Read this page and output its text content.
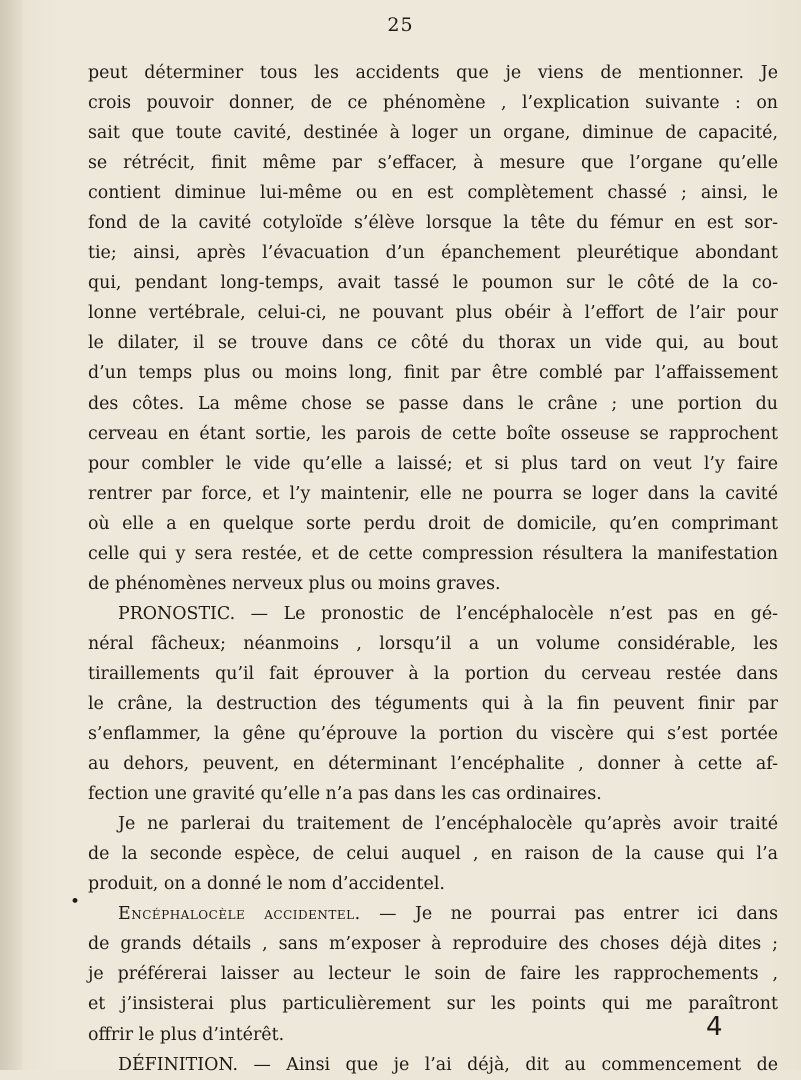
25
•
peut déterminer tous les accidents que je viens de mentionner. Je
crois pouvoir donner, de ce phénomène , l’explication suivante : on
sait que toute cavité, destinée à loger un organe, diminue de capacité,
se rétrécit, finit même par s’effacer, à mesure que l’organe qu’elle
contient diminue lui-même ou en est complètement chassé ; ainsi, le
fond de la cavité cotyloïde s’élève lorsque la tête du fémur en est sor-
tie; ainsi, après l’évacuation d’un épanchement pleurétique abondant
qui, pendant long-temps, avait tassé le poumon sur le côté de la co-
lonne vertébrale, celui-ci, ne pouvant plus obéir à l’effort de l’air pour
le dilater, il se trouve dans ce côté du thorax un vide qui, au bout
d’un temps plus ou moins long, finit par être comblé par l’affaissement
des côtes. La même chose se passe dans le crâne ; une portion du
cerveau en étant sortie, les parois de cette boîte osseuse se rapprochent
pour combler le vide qu’elle a laissé; et si plus tard on veut l’y faire
rentrer par force, et l’y maintenir, elle ne pourra se loger dans la cavité
où elle a en quelque sorte perdu droit de domicile, qu’en comprimant
celle qui y sera restée, et de cette compression résultera la manifestation
de phénomènes nerveux plus ou moins graves.
PRONOSTIC. — Le pronostic de l’encéphalocèle n’est pas en gé-
néral fâcheux; néanmoins , lorsqu’il a un volume considérable, les
tiraillements qu’il fait éprouver à la portion du cerveau restée dans
le crâne, la destruction des téguments qui à la fin peuvent finir par
s’enflammer, la gêne qu’éprouve la portion du viscère qui s’est portée
au dehors, peuvent, en déterminant l’encéphalite , donner à cette af-
fection une gravité qu’elle n’a pas dans les cas ordinaires.
Je ne parlerai du traitement de l’encéphalocèle qu’après avoir traité
de la seconde espèce, de celui auquel , en raison de la cause qui l’a
produit, on a donné le nom d’accidentel.
Encéphalocèle accidentel. — Je ne pourrai pas entrer ici dans
de grands détails , sans m’exposer à reproduire des choses déjà dites ;
je préférerai laisser au lecteur le soin de faire les rapprochements ,
et j’insisterai plus particulièrement sur les points qui me paraîtront
offrir le plus d’intérêt.
DÉFINITION. — Ainsi que je l’ai déjà, dit au commencement de
4
